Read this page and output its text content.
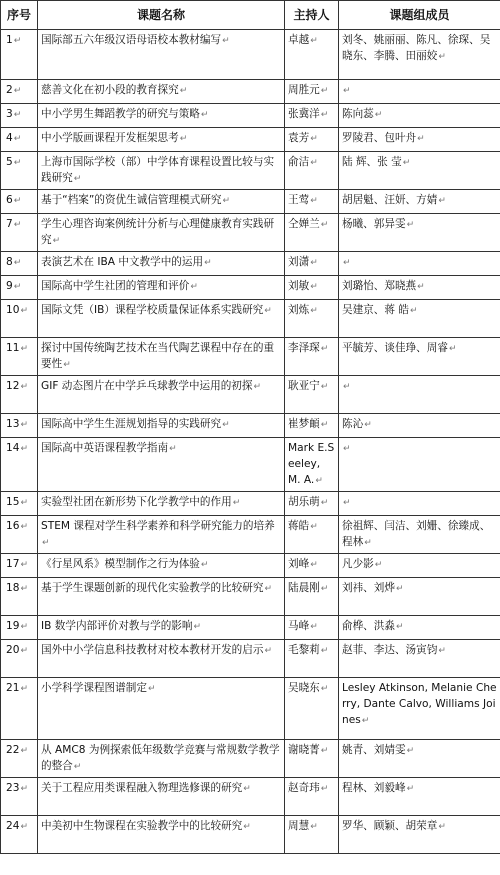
序号	课题名称	主持人	课题组成员
1 ↵	国际部五六年级汉语母语校本教材编写 ↵	卓越 ↵	刘冬、姚丽丽、陈凡、徐琛、吴晓东、李腾、田丽姣 ↵
2 ↵	慈善文化在初小段的教育探究 ↵	周胜元 ↵	↵
3 ↵	中小学男生舞蹈教学的研究与策略 ↵	张冀洋 ↵	陈向蕊 ↵
4 ↵	中小学版画课程开发框架思考 ↵	袁芳 ↵	罗陵君、包叶舟 ↵
5 ↵	上海市国际学校（部）中学体育课程设置比较与实践研究 ↵	俞洁 ↵	陆 辉、张 莹 ↵
6 ↵	基于“档案”的资优生诚信管理模式研究 ↵	王莺 ↵	胡居魁、汪妍、方婧 ↵
7 ↵	学生心理咨询案例统计分析与心理健康教育实践研究 ↵	仝婵兰 ↵	杨曦、郭异雯 ↵
8 ↵	表演艺术在 IBA 中文教学中的运用 ↵	刘潇 ↵	↵
9 ↵	国际高中学生社团的管理和评价 ↵	刘敏 ↵	刘璐怡、郑晓燕 ↵
10 ↵	国际文凭（IB）课程学校质量保证体系实践研究 ↵	刘炼 ↵	吴建京、蒋 皓 ↵
11 ↵	探讨中国传统陶艺技术在当代陶艺课程中存在的重要性 ↵	李泽琛 ↵	平毓芳、谈佳琤、周睿 ↵
12 ↵	GIF 动态图片在中学乒乓球教学中运用的初探 ↵	耿亚宁 ↵	↵
13 ↵	国际高中学生生涯规划指导的实践研究 ↵	崔梦頔 ↵	陈沁 ↵
14 ↵	国际高中英语课程教学指南 ↵	Mark E.Seeley, M. A. ↵	↵
15 ↵	实验型社团在新形势下化学教学中的作用 ↵	胡乐萌 ↵	↵
16 ↵	STEM 课程对学生科学素养和科学研究能力的培养 ↵	蒋皓 ↵	徐祖辉、闫洁、刘姗、徐臻成、程林 ↵
17 ↵	《行星风系》模型制作之行为体验 ↵	刘峰 ↵	凡少影 ↵
18 ↵	基于学生课题创新的现代化实验教学的比较研究 ↵	陆晨刚 ↵	刘祎、刘烨 ↵
19 ↵	IB 数学内部评价对教与学的影响 ↵	马峰 ↵	俞桦、洪淼 ↵
20 ↵	国外中小学信息科技教材对校本教材开发的启示 ↵	毛黎莉 ↵	赵菲、李达、汤寅钧 ↵
21 ↵	小学科学课程图谱制定 ↵	吴晓东 ↵	Lesley Atkinson, Melanie Cherry, Dante Calvo, Williams Joines ↵
22 ↵	从 AMC8 为例探索低年级数学竞赛与常规数学教学的整合 ↵	谢晓菁 ↵	姚青、刘婧雯 ↵
23 ↵	关于工程应用类课程融入物理选修课的研究 ↵	赵奇玮 ↵	程林、刘毅峰 ↵
24 ↵	中美初中生物课程在实验教学中的比较研究 ↵	周慧 ↵	罗华、顾颖、胡荣章 ↵
